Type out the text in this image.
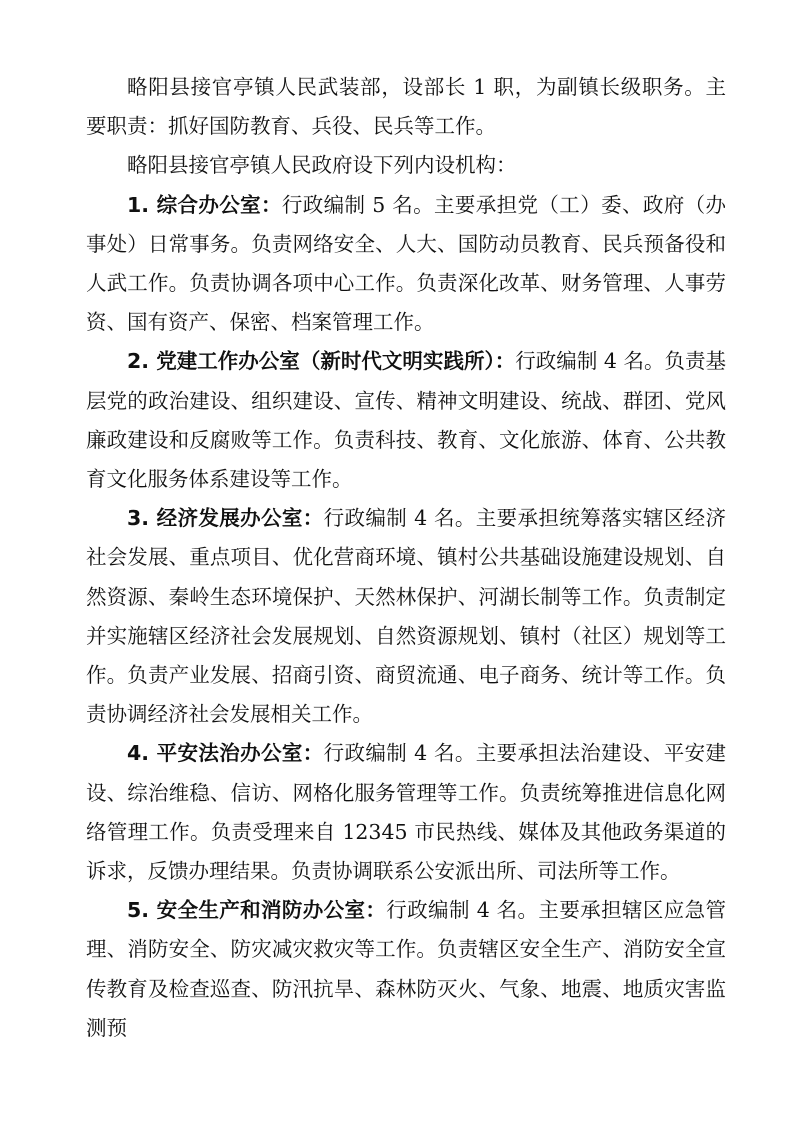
略阳县接官亭镇人民武装部，设部长 1 职，为副镇长级职务。主要职责：抓好国防教育、兵役、民兵等工作。

略阳县接官亭镇人民政府设下列内设机构：

1. 综合办公室：行政编制 5 名。主要承担党（工）委、政府（办事处）日常事务。负责网络安全、人大、国防动员教育、民兵预备役和人武工作。负责协调各项中心工作。负责深化改革、财务管理、人事劳资、国有资产、保密、档案管理工作。

2. 党建工作办公室（新时代文明实践所）：行政编制 4 名。负责基层党的政治建设、组织建设、宣传、精神文明建设、统战、群团、党风廉政建设和反腐败等工作。负责科技、教育、文化旅游、体育、公共教育文化服务体系建设等工作。

3. 经济发展办公室：行政编制 4 名。主要承担统筹落实辖区经济社会发展、重点项目、优化营商环境、镇村公共基础设施建设规划、自然资源、秦岭生态环境保护、天然林保护、河湖长制等工作。负责制定并实施辖区经济社会发展规划、自然资源规划、镇村（社区）规划等工作。负责产业发展、招商引资、商贸流通、电子商务、统计等工作。负责协调经济社会发展相关工作。

4. 平安法治办公室：行政编制 4 名。主要承担法治建设、平安建设、综治维稳、信访、网格化服务管理等工作。负责统筹推进信息化网络管理工作。负责受理来自 12345 市民热线、媒体及其他政务渠道的诉求，反馈办理结果。负责协调联系公安派出所、司法所等工作。

5. 安全生产和消防办公室：行政编制 4 名。主要承担辖区应急管理、消防安全、防灾减灾救灾等工作。负责辖区安全生产、消防安全宣传教育及检查巡查、防汛抗旱、森林防灭火、气象、地震、地质灾害监测预
